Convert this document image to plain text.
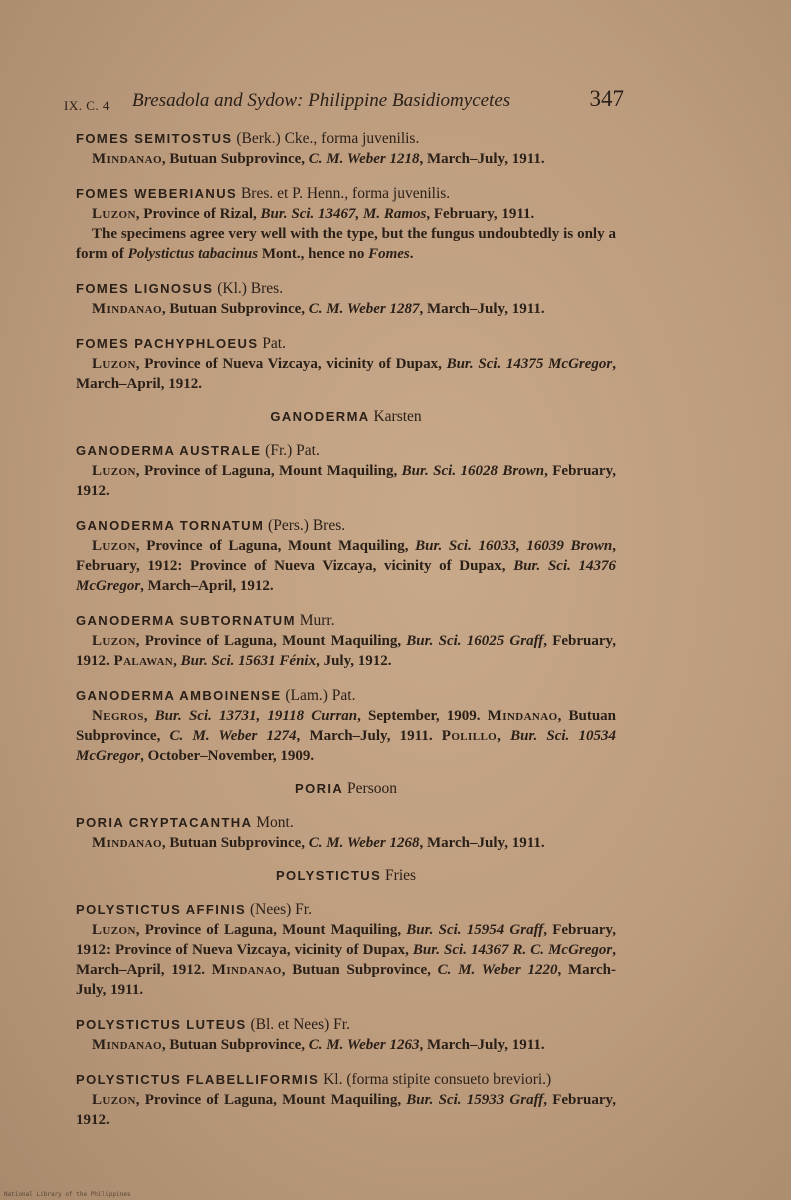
IX. C. 4 Bresadola and Sydow: Philippine Basidiomycetes	347

FOMES SEMITOSTUS (Berk.) Cke., forma juvenilis.

Mindanao, Butuan Subprovince, C. M. Weber 1218, March–July, 1911.

FOMES WEBERIANUS Bres. et P. Henn., forma juvenilis.

Luzon, Province of Rizal, Bur. Sci. 13467, M. Ramos, February, 1911.

The specimens agree very well with the type, but the fungus undoubtedly is only a form of Polystictus tabacinus Mont., hence no Fomes.

FOMES LIGNOSUS (Kl.) Bres.

Mindanao, Butuan Subprovince, C. M. Weber 1287, March–July, 1911.

FOMES PACHYPHLOEUS Pat.

Luzon, Province of Nueva Vizcaya, vicinity of Dupax, Bur. Sci. 14375 McGregor, March–April, 1912.

GANODERMA Karsten

GANODERMA AUSTRALE (Fr.) Pat.

Luzon, Province of Laguna, Mount Maquiling, Bur. Sci. 16028 Brown, February, 1912.

GANODERMA TORNATUM (Pers.) Bres.

Luzon, Province of Laguna, Mount Maquiling, Bur. Sci. 16033, 16039 Brown, February, 1912: Province of Nueva Vizcaya, vicinity of Dupax, Bur. Sci. 14376 McGregor, March–April, 1912.

GANODERMA SUBTORNATUM Murr.

Luzon, Province of Laguna, Mount Maquiling, Bur. Sci. 16025 Graff, February, 1912. Palawan, Bur. Sci. 15631 Fénix, July, 1912.

GANODERMA AMBOINENSE (Lam.) Pat.

Negros, Bur. Sci. 13731, 19118 Curran, September, 1909. Mindanao, Butuan Subprovince, C. M. Weber 1274, March–July, 1911. Polillo, Bur. Sci. 10534 McGregor, October–November, 1909.

PORIA Persoon

PORIA CRYPTACANTHA Mont.

Mindanao, Butuan Subprovince, C. M. Weber 1268, March–July, 1911.

POLYSTICTUS Fries

POLYSTICTUS AFFINIS (Nees) Fr.

Luzon, Province of Laguna, Mount Maquiling, Bur. Sci. 15954 Graff, February, 1912: Province of Nueva Vizcaya, vicinity of Dupax, Bur. Sci. 14367 R. C. McGregor, March–April, 1912. Mindanao, Butuan Subprovince, C. M. Weber 1220, March-July, 1911.

POLYSTICTUS LUTEUS (Bl. et Nees) Fr.

Mindanao, Butuan Subprovince, C. M. Weber 1263, March–July, 1911.

POLYSTICTUS FLABELLIFORMIS Kl. (forma stipite consueto breviori.)

Luzon, Province of Laguna, Mount Maquiling, Bur. Sci. 15933 Graff, February, 1912.

National Library of the Philippines
